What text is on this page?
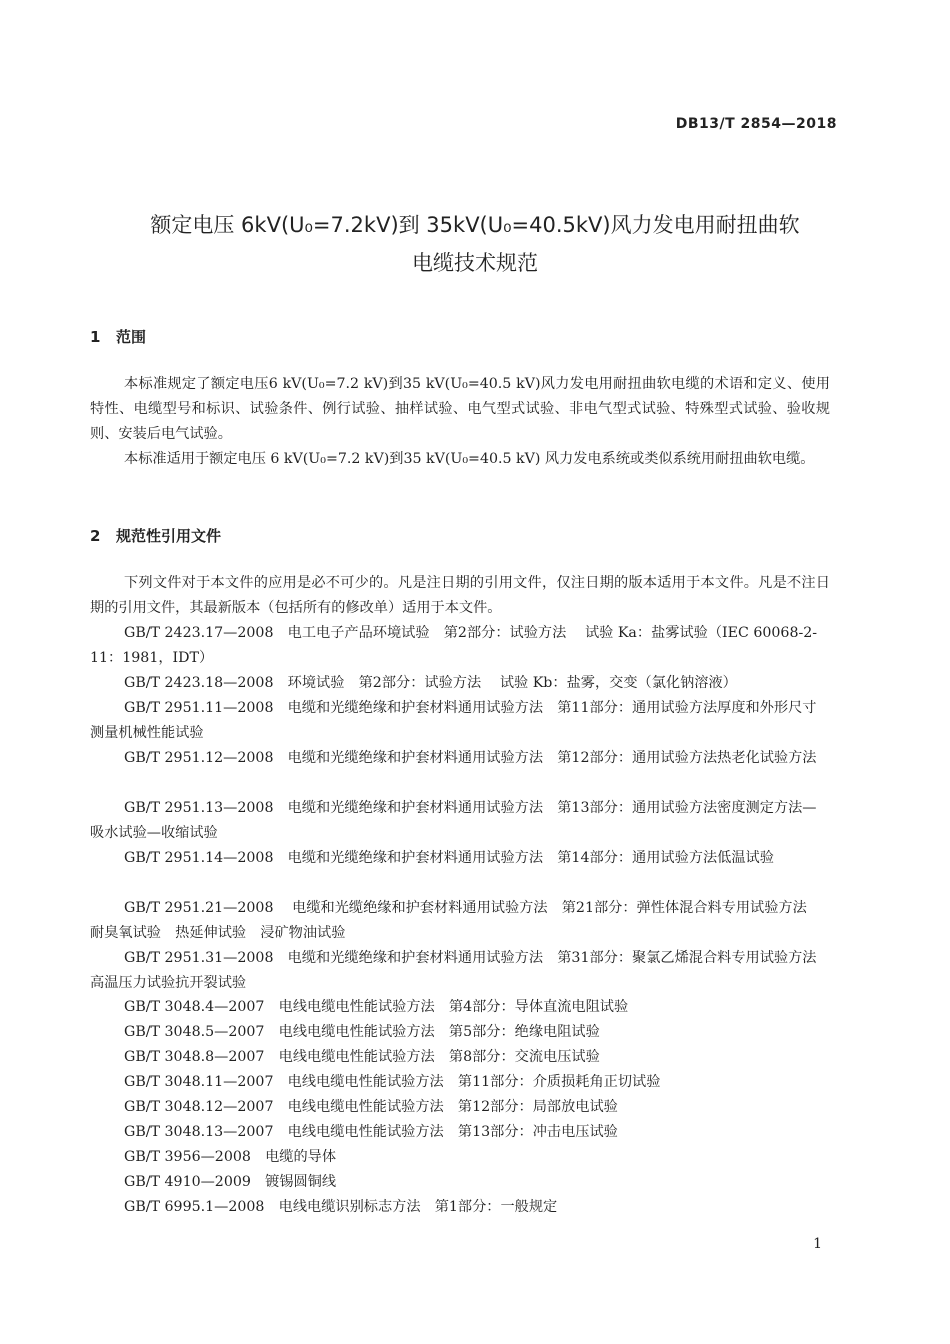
DB13/T 2854—2018
额定电压 6kV(U₀=7.2kV)到 35kV(U₀=40.5kV)风力发电用耐扭曲软
电缆技术规范
1 范围
本标准规定了额定电压6 kV(U₀=7.2 kV)到35 kV(U₀=40.5 kV)风力发电用耐扭曲软电缆的术语和定义、使用特性、电缆型号和标识、试验条件、例行试验、抽样试验、电气型式试验、非电气型式试验、特殊型式试验、验收规则、安装后电气试验。
本标准适用于额定电压 6 kV(U₀=7.2 kV)到35 kV(U₀=40.5 kV) 风力发电系统或类似系统用耐扭曲软电缆。
2 规范性引用文件
下列文件对于本文件的应用是必不可少的。凡是注日期的引用文件，仅注日期的版本适用于本文件。凡是不注日期的引用文件，其最新版本（包括所有的修改单）适用于本文件。
GB/T 2423.17—2008　电工电子产品环境试验　第2部分：试验方法　 试验 Ka：盐雾试验（IEC 60068-2-11：1981，IDT）
GB/T 2423.18—2008　环境试验　第2部分：试验方法　 试验 Kb：盐雾，交变（氯化钠溶液）
GB/T 2951.11—2008　电缆和光缆绝缘和护套材料通用试验方法　第11部分：通用试验方法厚度和外形尺寸测量机械性能试验
GB/T 2951.12—2008　电缆和光缆绝缘和护套材料通用试验方法　第12部分：通用试验方法热老化试验方法
GB/T 2951.13—2008　电缆和光缆绝缘和护套材料通用试验方法　第13部分：通用试验方法密度测定方法—吸水试验—收缩试验
GB/T 2951.14—2008　电缆和光缆绝缘和护套材料通用试验方法　第14部分：通用试验方法低温试验
GB/T 2951.21—2008　 电缆和光缆绝缘和护套材料通用试验方法　第21部分：弹性体混合料专用试验方法　耐臭氧试验　热延伸试验　浸矿物油试验
GB/T 2951.31—2008　电缆和光缆绝缘和护套材料通用试验方法　第31部分：聚氯乙烯混合料专用试验方法高温压力试验抗开裂试验
GB/T 3048.4—2007　电线电缆电性能试验方法　第4部分：导体直流电阻试验
GB/T 3048.5—2007　电线电缆电性能试验方法　第5部分：绝缘电阻试验
GB/T 3048.8—2007　电线电缆电性能试验方法　第8部分：交流电压试验
GB/T 3048.11—2007　电线电缆电性能试验方法　第11部分：介质损耗角正切试验
GB/T 3048.12—2007　电线电缆电性能试验方法　第12部分：局部放电试验
GB/T 3048.13—2007　电线电缆电性能试验方法　第13部分：冲击电压试验
GB/T 3956—2008　电缆的导体
GB/T 4910—2009　镀锡圆铜线
GB/T 6995.1—2008　电线电缆识别标志方法　第1部分：一般规定
1
